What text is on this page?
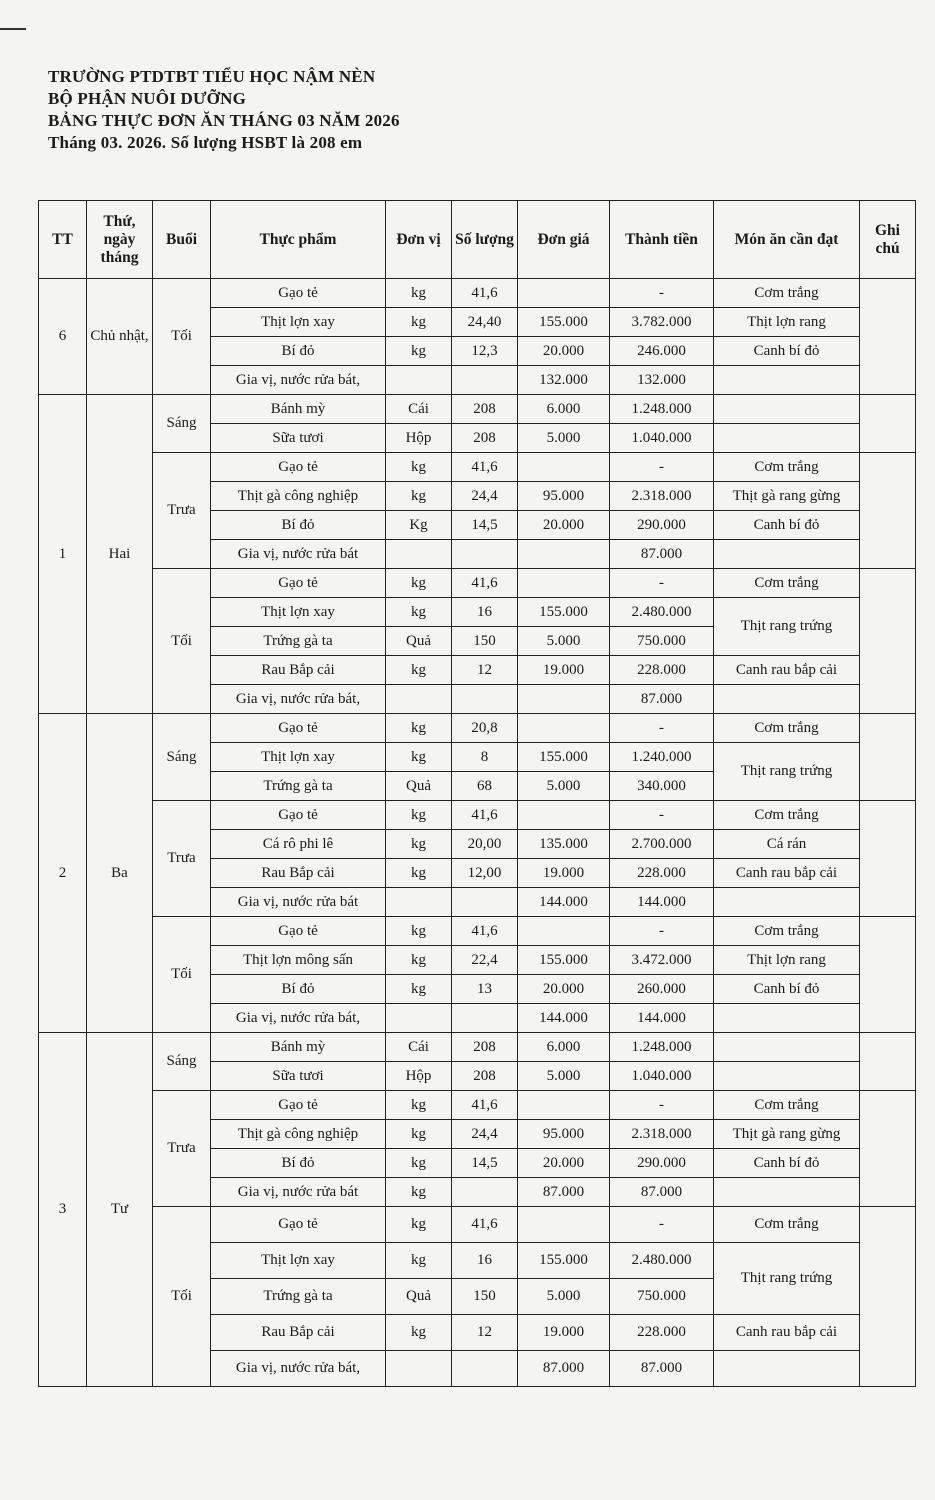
TRƯỜNG PTDTBT TIỂU HỌC NẬM NÈN
BỘ PHẬN NUÔI DƯỠNG
BẢNG THỰC ĐƠN ĂN THÁNG 03 NĂM 2026
Tháng 03. 2026. Số lượng HSBT là 208 em
TT	Thứ, ngày tháng	Buổi	Thực phẩm	Đơn vị	Số lượng	Đơn giá	Thành tiền	Món ăn cần đạt	Ghi chú
6	Chủ nhật,	Tối	Gạo tẻ	kg	41,6		-	Cơm trắng	
			Thịt lợn xay	kg	24,40	155.000	3.782.000	Thịt lợn rang	
			Bí đỏ	kg	12,3	20.000	246.000	Canh bí đỏ	
			Gia vị, nước rửa bát,			132.000	132.000		
1	Hai	Sáng	Bánh mỳ	Cái	208	6.000	1.248.000		
			Sữa tươi	Hộp	208	5.000	1.040.000		
		Trưa	Gạo tẻ	kg	41,6		-	Cơm trắng	
			Thịt gà công nghiệp	kg	24,4	95.000	2.318.000	Thịt gà rang gừng	
			Bí đỏ	Kg	14,5	20.000	290.000	Canh bí đỏ	
			Gia vị, nước rửa bát				87.000		
		Tối	Gạo tẻ	kg	41,6		-	Cơm trắng	
			Thịt lợn xay	kg	16	155.000	2.480.000	Thịt rang trứng	
			Trứng gà ta	Quả	150	5.000	750.000		
			Rau Bắp cải	kg	12	19.000	228.000	Canh rau bắp cải	
			Gia vị, nước rửa bát,				87.000		
2	Ba	Sáng	Gạo tẻ	kg	20,8		-	Cơm trắng	
			Thịt lợn xay	kg	8	155.000	1.240.000	Thịt rang trứng	
			Trứng gà ta	Quả	68	5.000	340.000		
		Trưa	Gạo tẻ	kg	41,6		-	Cơm trắng	
			Cá rô phi lê	kg	20,00	135.000	2.700.000	Cá rán	
			Rau Bắp cải	kg	12,00	19.000	228.000	Canh rau bắp cải	
			Gia vị, nước rửa bát			144.000	144.000		
		Tối	Gạo tẻ	kg	41,6		-	Cơm trắng	
			Thịt lợn mông sấn	kg	22,4	155.000	3.472.000	Thịt lợn rang	
			Bí đỏ	kg	13	20.000	260.000	Canh bí đỏ	
			Gia vị, nước rửa bát,			144.000	144.000		
3	Tư	Sáng	Bánh mỳ	Cái	208	6.000	1.248.000		
			Sữa tươi	Hộp	208	5.000	1.040.000		
		Trưa	Gạo tẻ	kg	41,6		-	Cơm trắng	
			Thịt gà công nghiệp	kg	24,4	95.000	2.318.000	Thịt gà rang gừng	
			Bí đỏ	kg	14,5	20.000	290.000	Canh bí đỏ	
			Gia vị, nước rửa bát	kg		87.000	87.000		
		Tối	Gạo tẻ	kg	41,6		-	Cơm trắng	
			Thịt lợn xay	kg	16	155.000	2.480.000	Thịt rang trứng	
			Trứng gà ta	Quả	150	5.000	750.000		
			Rau Bắp cải	kg	12	19.000	228.000	Canh rau bắp cải	
			Gia vị, nước rửa bát,			87.000	87.000		
